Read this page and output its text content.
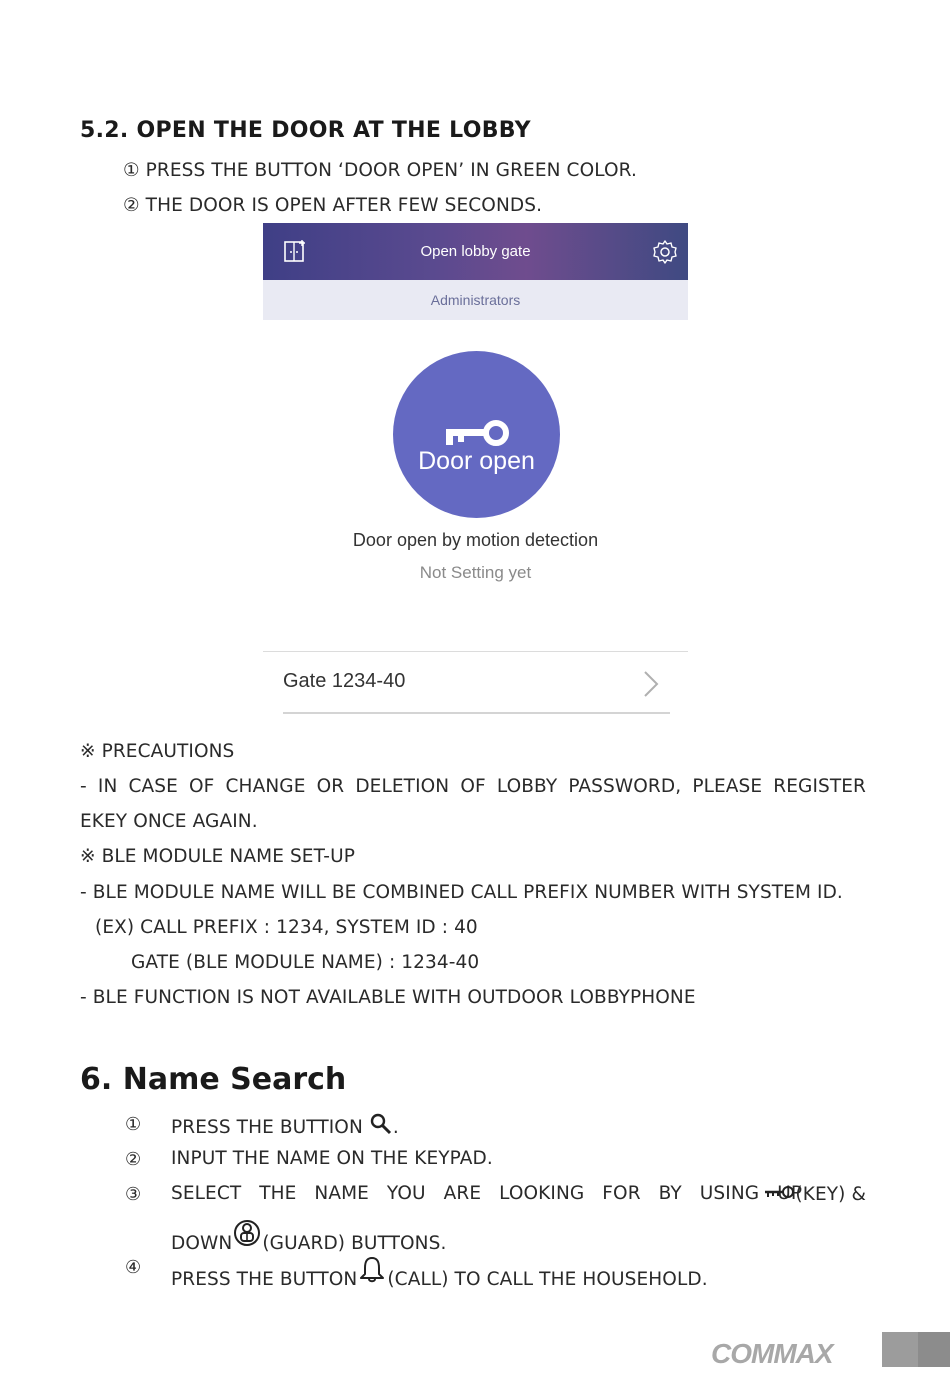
5.2. OPEN THE DOOR AT THE LOBBY
① PRESS THE BUTTON ‘DOOR OPEN’ IN GREEN COLOR.
② THE DOOR IS OPEN AFTER FEW SECONDS.
Open lobby gate
Administrators
Door open
Door open by motion detection
Not Setting yet
Gate 1234-40
※ PRECAUTIONS
- IN CASE OF CHANGE OR DELETION OF LOBBY PASSWORD, PLEASE REGISTER
EKEY ONCE AGAIN.
※ BLE MODULE NAME SET-UP
- BLE MODULE NAME WILL BE COMBINED CALL PREFIX NUMBER WITH SYSTEM ID.
(EX) CALL PREFIX : 1234, SYSTEM ID : 40
GATE (BLE MODULE NAME) : 1234-40
- BLE FUNCTION IS NOT AVAILABLE WITH OUTDOOR LOBBYPHONE
6. Name Search
① PRESS THE BUTTION .
② INPUT THE NAME ON THE KEYPAD.
③ SELECT THE NAME YOU ARE LOOKING FOR BY USING UP
(KEY) &
DOWN (GUARD) BUTTONS.
④
PRESS THE BUTTON (CALL) TO CALL THE HOUSEHOLD.
COMMAX
